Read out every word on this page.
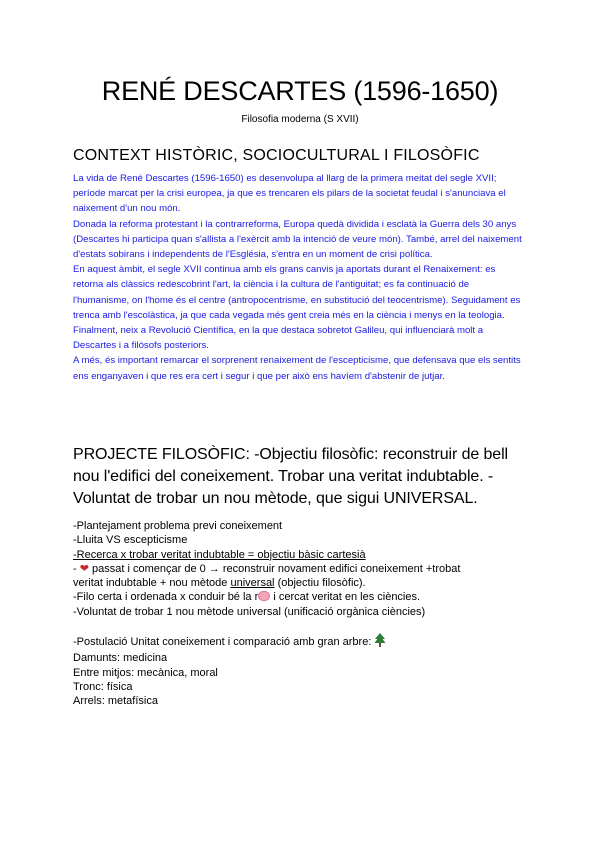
RENÉ DESCARTES (1596-1650)
Filosofia moderna (S XVII)
CONTEXT HISTÒRIC, SOCIOCULTURAL I FILOSÒFIC

La vida de René Descartes (1596-1650) es desenvolupa al llarg de la primera meitat del segle XVII; període marcat per la crisi europea, ja que es trencaren els pilars de la societat feudal i s'anunciava el naixement d'un nou món.

Donada la reforma protestant i la contrarreforma, Europa quedà dividida i esclatà la Guerra dels 30 anys (Descartes hi participa quan s'allista a l'exèrcit amb la intenció de veure món). També, arrel del naixement d'estats sobirans i independents de l'Església, s'entra en un moment de crisi política.

En aquest àmbit, el segle XVII continua amb els grans canvis ja aportats durant el Renaixement: es retorna als clàssics redescobrint l'art, la ciència i la cultura de l'antiguitat; es fa continuació de l'humanisme, on l'home és el centre (antropocentrisme, en substitució del teocentrisme). Seguidament es trenca amb l'escolàstica, ja que cada vegada més gent creia més en la ciència i menys en la teologia.

Finalment, neix a Revolució Científica, en la que destaca sobretot Galileu, qui influenciarà molt a Descartes i a filòsofs posteriors.

A més, és important remarcar el sorprenent renaixement de l'escepticisme, que defensava que els sentits ens enganyaven i que res era cert i segur i que per això ens havíem d'abstenir de jutjar.

PROJECTE FILOSÒFIC: -Objectiu filosòfic: reconstruir de bell nou l'edifici del coneixement. Trobar una veritat indubtable. -Voluntat de trobar un nou mètode, que sigui UNIVERSAL.
-Plantejament problema previ coneixement
-Lluita VS escepticisme
-Recerca x trobar veritat indubtable = objectiu bàsic cartesià
- ❤ passat i començar de 0 → reconstruir novament edifici coneixement +trobat
veritat indubtable + nou mètode universal (objectiu filosòfic).
-Filo certa i ordenada x conduir bé la r i cercat veritat en les ciències.
-Voluntat de trobar 1 nou mètode universal (unificació orgànica ciències)
-Postulació Unitat coneixement i comparació amb gran arbre:
Damunts: medicina
Entre mitjos: mecànica, moral
Tronc: física
Arrels: metafísica
